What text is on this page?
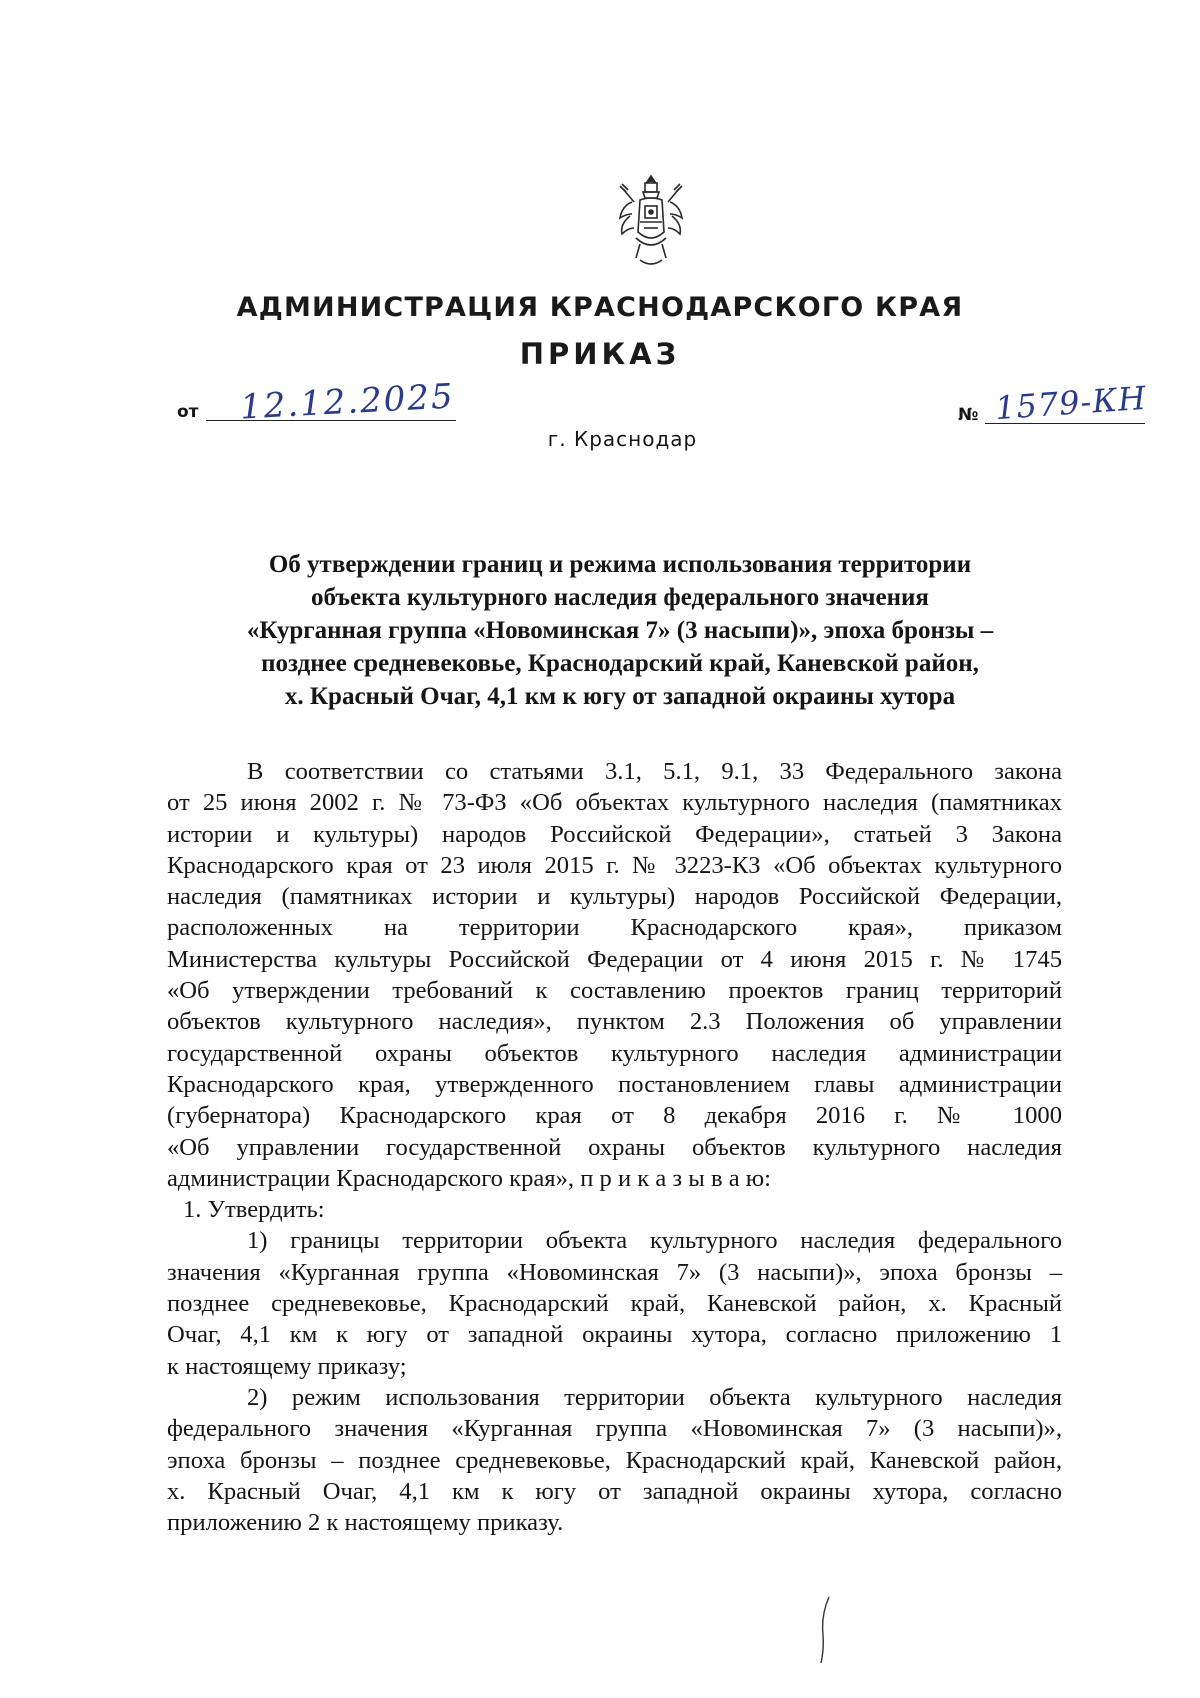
АДМИНИСТРАЦИЯ КРАСНОДАРСКОГО КРАЯ
ПРИКАЗ
от 12.12.2025	№ 1579-КН
г. Краснодар
Об утверждении границ и режима использования территории
объекта культурного наследия федерального значения
«Курганная группа «Новоминская 7» (3 насыпи)», эпоха бронзы –
позднее средневековье, Краснодарский край, Каневской район,
х. Красный Очаг, 4,1 км к югу от западной окраины хутора
В соответствии со статьями 3.1, 5.1, 9.1, 33 Федерального закона
от 25 июня 2002 г. № 73-ФЗ «Об объектах культурного наследия (памятниках
истории и культуры) народов Российской Федерации», статьей 3 Закона
Краснодарского края от 23 июля 2015 г. № 3223-КЗ «Об объектах культурного
наследия (памятниках истории и культуры) народов Российской Федерации,
расположенных на территории Краснодарского края», приказом
Министерства культуры Российской Федерации от 4 июня 2015 г. № 1745
«Об утверждении требований к составлению проектов границ территорий
объектов культурного наследия», пунктом 2.3 Положения об управлении
государственной охраны объектов культурного наследия администрации
Краснодарского края, утвержденного постановлением главы администрации
(губернатора) Краснодарского края от 8 декабря 2016 г. № 1000
«Об управлении государственной охраны объектов культурного наследия
администрации Краснодарского края», п р и к а з ы в а ю:
1. Утвердить:
1) границы территории объекта культурного наследия федерального
значения «Курганная группа «Новоминская 7» (3 насыпи)», эпоха бронзы –
позднее средневековье, Краснодарский край, Каневской район, х. Красный
Очаг, 4,1 км к югу от западной окраины хутора, согласно приложению 1
к настоящему приказу;
2) режим использования территории объекта культурного наследия
федерального значения «Курганная группа «Новоминская 7» (3 насыпи)»,
эпоха бронзы – позднее средневековье, Краснодарский край, Каневской район,
х. Красный Очаг, 4,1 км к югу от западной окраины хутора, согласно
приложению 2 к настоящему приказу.
